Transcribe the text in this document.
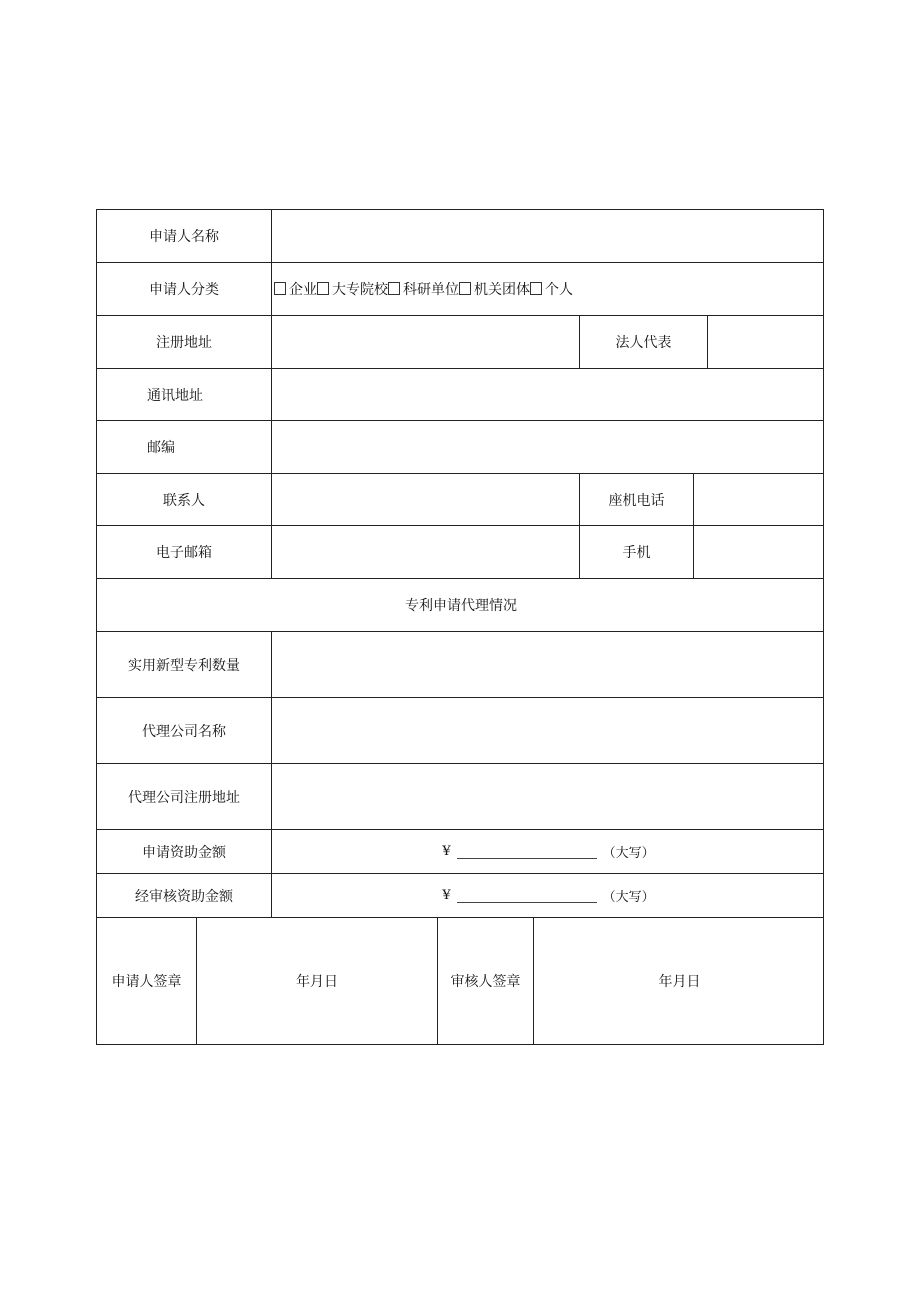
申请人名称
申请人分类	企业	大专院校	科研单位	机关团体	个人
注册地址	法人代表
通讯地址
邮编
联系人	座机电话
电子邮箱	手机
专利申请代理情况
实用新型专利数量
代理公司名称
代理公司注册地址
申请资助金额	¥	（大写）
经审核资助金额	¥	（大写）
申请人签章	年月日	审核人签章	年月日
